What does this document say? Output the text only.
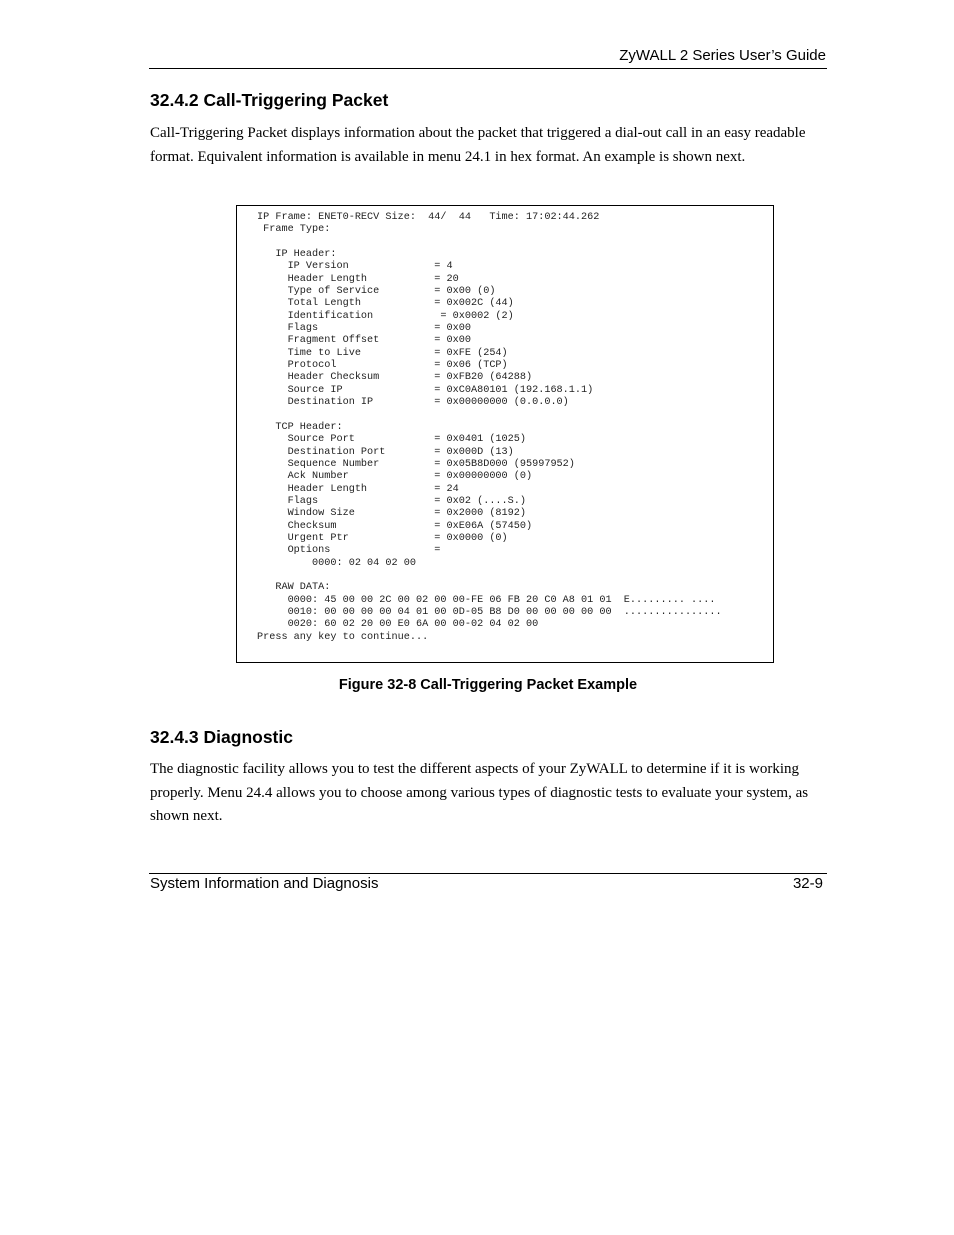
ZyWALL 2 Series User’s Guide
32.4.2 Call-Triggering Packet

Call-Triggering Packet displays information about the packet that triggered a dial-out call in an easy readable format. Equivalent information is available in menu 24.1 in hex format. An example is shown next.

IP Frame: ENET0-RECV Size:  44/  44   Time: 17:02:44.262
Frame Type:

IP Header:
IP Version              = 4
Header Length           = 20
Type of Service         = 0x00 (0)
Total Length            = 0x002C (44)
Identification           = 0x0002 (2)
Flags                   = 0x00
Fragment Offset         = 0x00
Time to Live            = 0xFE (254)
Protocol                = 0x06 (TCP)
Header Checksum         = 0xFB20 (64288)
Source IP               = 0xC0A80101 (192.168.1.1)
Destination IP          = 0x00000000 (0.0.0.0)

TCP Header:
Source Port             = 0x0401 (1025)
Destination Port        = 0x000D (13)
Sequence Number         = 0x05B8D000 (95997952)
Ack Number              = 0x00000000 (0)
Header Length           = 24
Flags                   = 0x02 (....S.)
Window Size             = 0x2000 (8192)
Checksum                = 0xE06A (57450)
Urgent Ptr              = 0x0000 (0)
Options                 =
0000: 02 04 02 00

RAW DATA:
0000: 45 00 00 2C 00 02 00 00-FE 06 FB 20 C0 A8 01 01  E......... ....
0010: 00 00 00 00 04 01 00 0D-05 B8 D0 00 00 00 00 00  ................
0020: 60 02 20 00 E0 6A 00 00-02 04 02 00
Press any key to continue...
Figure 32-8 Call-Triggering Packet Example
32.4.3 Diagnostic

The diagnostic facility allows you to test the different aspects of your ZyWALL to determine if it is working properly. Menu 24.4 allows you to choose among various types of diagnostic tests to evaluate your system, as shown next.

System Information and Diagnosis	32-9
